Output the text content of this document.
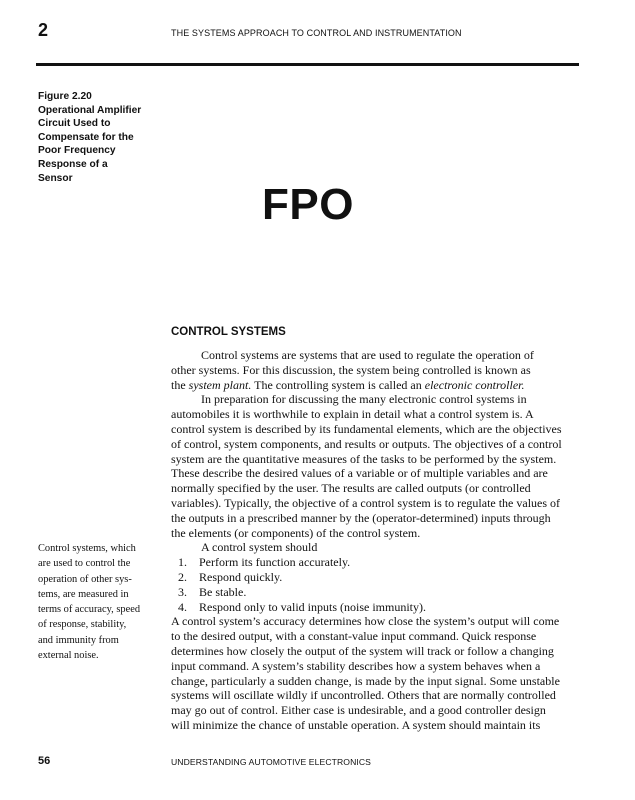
2	THE SYSTEMS APPROACH TO CONTROL AND INSTRUMENTATION
Figure 2.20
Operational Amplifier
Circuit Used to
Compensate for the
Poor Frequency
Response of a
Sensor
FPO
CONTROL SYSTEMS
Control systems are systems that are used to regulate the operation of
other systems. For this discussion, the system being controlled is known as
the system plant. The controlling system is called an electronic controller.
In preparation for discussing the many electronic control systems in
automobiles it is worthwhile to explain in detail what a control system is. A
control system is described by its fundamental elements, which are the objectives
of control, system components, and results or outputs. The objectives of a control
system are the quantitative measures of the tasks to be performed by the system.
These describe the desired values of a variable or of multiple variables and are
normally specified by the user. The results are called outputs (or controlled
variables). Typically, the objective of a control system is to regulate the values of
the outputs in a prescribed manner by the (operator-determined) inputs through
the elements (or components) of the control system.
A control system should
1. Perform its function accurately.
2. Respond quickly.
3. Be stable.
4. Respond only to valid inputs (noise immunity).
A control system’s accuracy determines how close the system’s output will come
to the desired output, with a constant-value input command. Quick response
determines how closely the output of the system will track or follow a changing
input command. A system’s stability describes how a system behaves when a
change, particularly a sudden change, is made by the input signal. Some unstable
systems will oscillate wildly if uncontrolled. Others that are normally controlled
may go out of control. Either case is undesirable, and a good controller design
will minimize the chance of unstable operation. A system should maintain its
Control systems, which
are used to control the
operation of other sys-
tems, are measured in
terms of accuracy, speed
of response, stability,
and immunity from
external noise.
56	UNDERSTANDING AUTOMOTIVE ELECTRONICS
